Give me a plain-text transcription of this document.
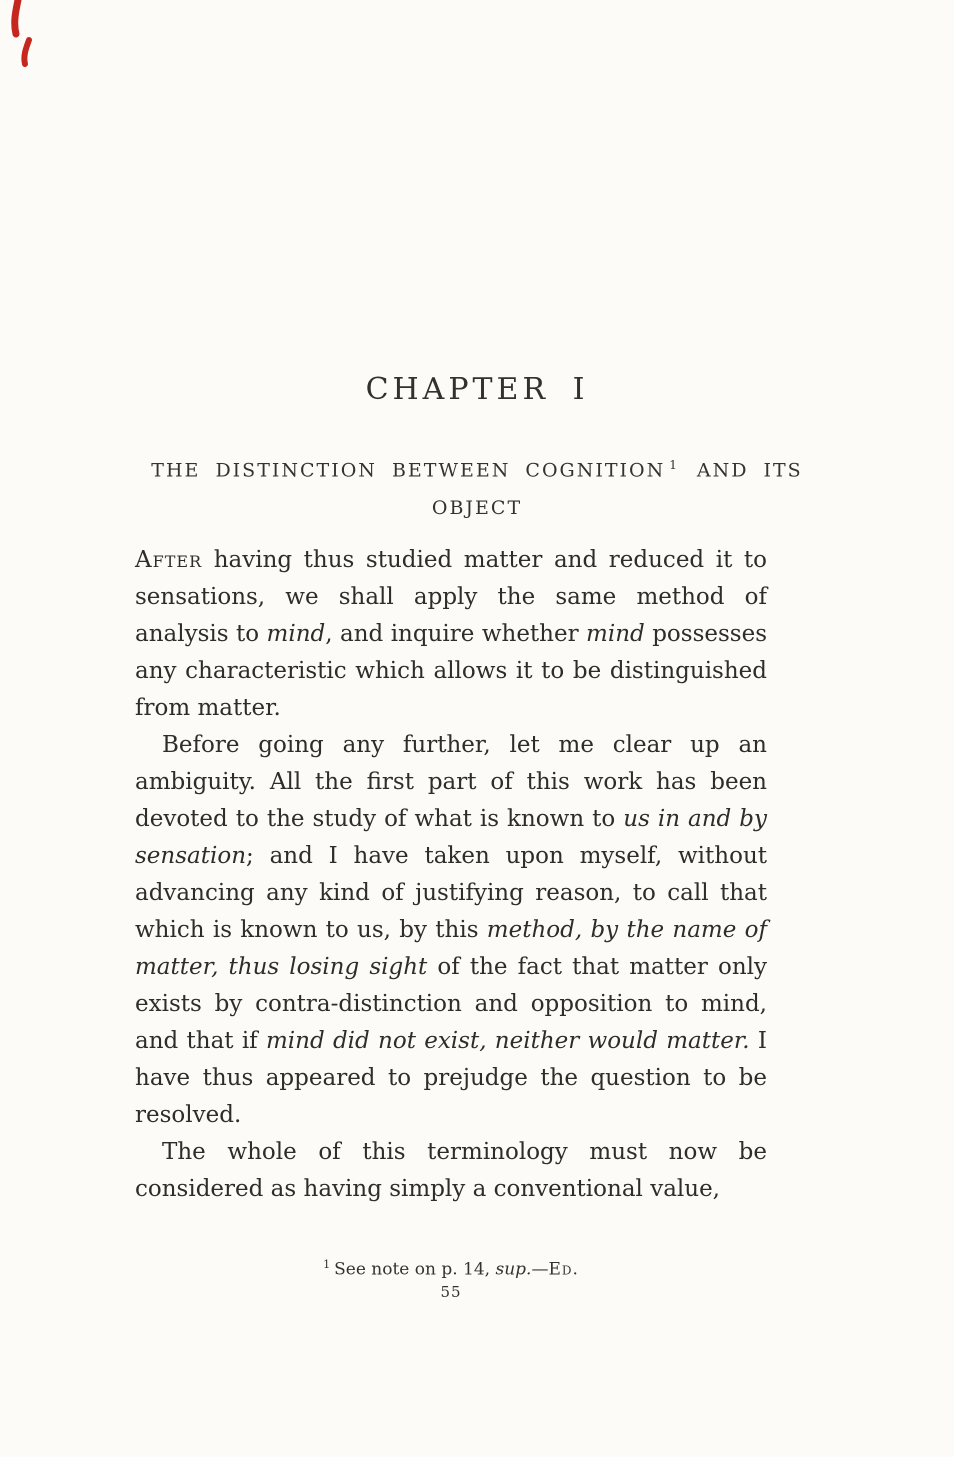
CHAPTER I
THE DISTINCTION BETWEEN COGNITION $^1$ AND ITS
OBJECT

After having thus studied matter and reduced it to sensations, we shall apply the same method of analysis to mind, and inquire whether mind possesses any characteristic which allows it to be distinguished from matter.

Before going any further, let me clear up an ambiguity. All the first part of this work has been devoted to the study of what is known to us in and by sensation; and I have taken upon myself, without advancing any kind of justifying reason, to call that which is known to us, by this method, by the name of matter, thus losing sight of the fact that matter only exists by contra-distinction and opposition to mind, and that if mind did not exist, neither would matter. I have thus appeared to prejudge the question to be resolved.

The whole of this terminology must now be considered as having simply a conventional value,

$^1$ See note on p. 14, sup.—Ed.
55
